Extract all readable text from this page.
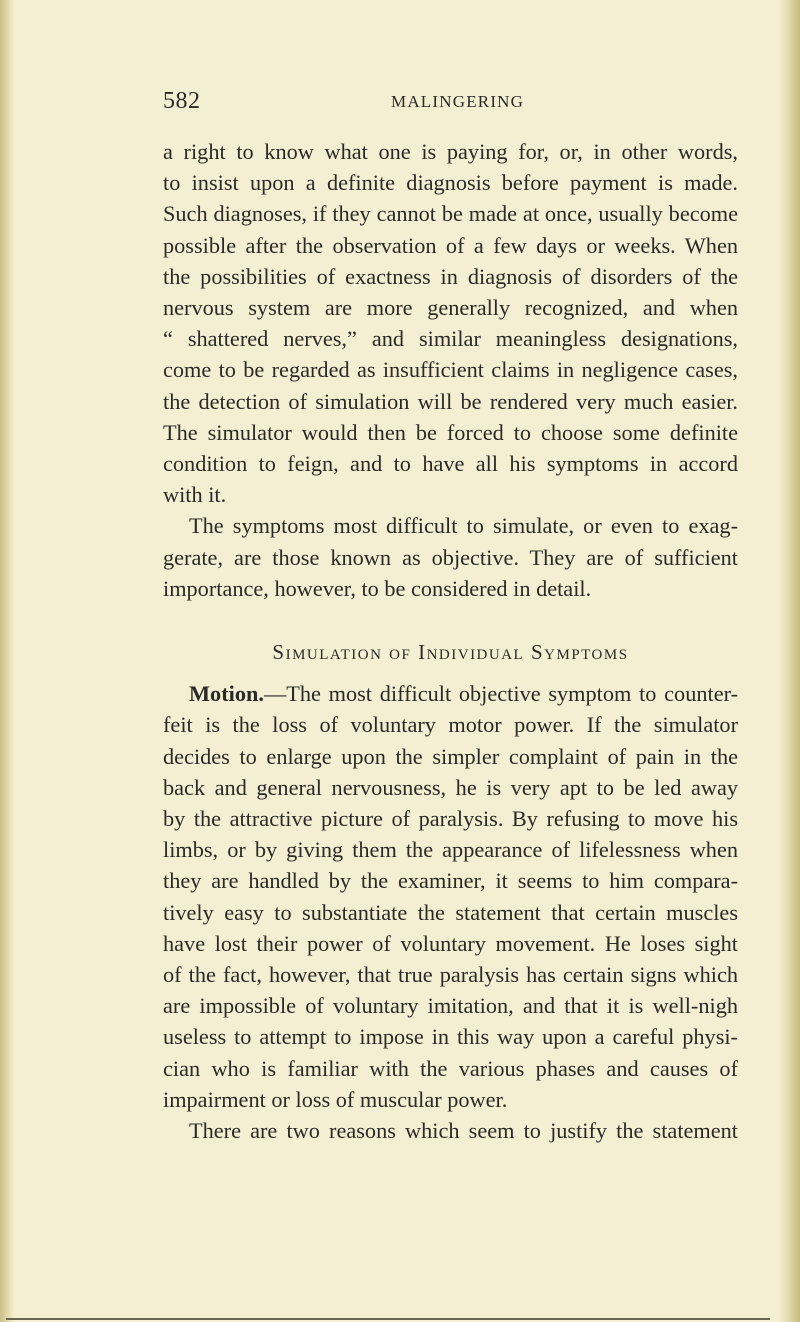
582	MALINGERING
a right to know what one is paying for, or, in other words,
to insist upon a definite diagnosis before payment is made.
Such diagnoses, if they cannot be made at once, usually become
possible after the observation of a few days or weeks. When
the possibilities of exactness in diagnosis of disorders of the
nervous system are more generally recognized, and when
“ shattered nerves,” and similar meaningless designations,
come to be regarded as insufficient claims in negligence cases,
the detection of simulation will be rendered very much easier.
The simulator would then be forced to choose some definite
condition to feign, and to have all his symptoms in accord
with it.
The symptoms most difficult to simulate, or even to exag-
gerate, are those known as objective. They are of sufficient
importance, however, to be considered in detail.
Simulation of Individual Symptoms
Motion.—The most difficult objective symptom to counter-
feit is the loss of voluntary motor power. If the simulator
decides to enlarge upon the simpler complaint of pain in the
back and general nervousness, he is very apt to be led away
by the attractive picture of paralysis. By refusing to move his
limbs, or by giving them the appearance of lifelessness when
they are handled by the examiner, it seems to him compara-
tively easy to substantiate the statement that certain muscles
have lost their power of voluntary movement. He loses sight
of the fact, however, that true paralysis has certain signs which
are impossible of voluntary imitation, and that it is well-nigh
useless to attempt to impose in this way upon a careful physi-
cian who is familiar with the various phases and causes of
impairment or loss of muscular power.
There are two reasons which seem to justify the statement
